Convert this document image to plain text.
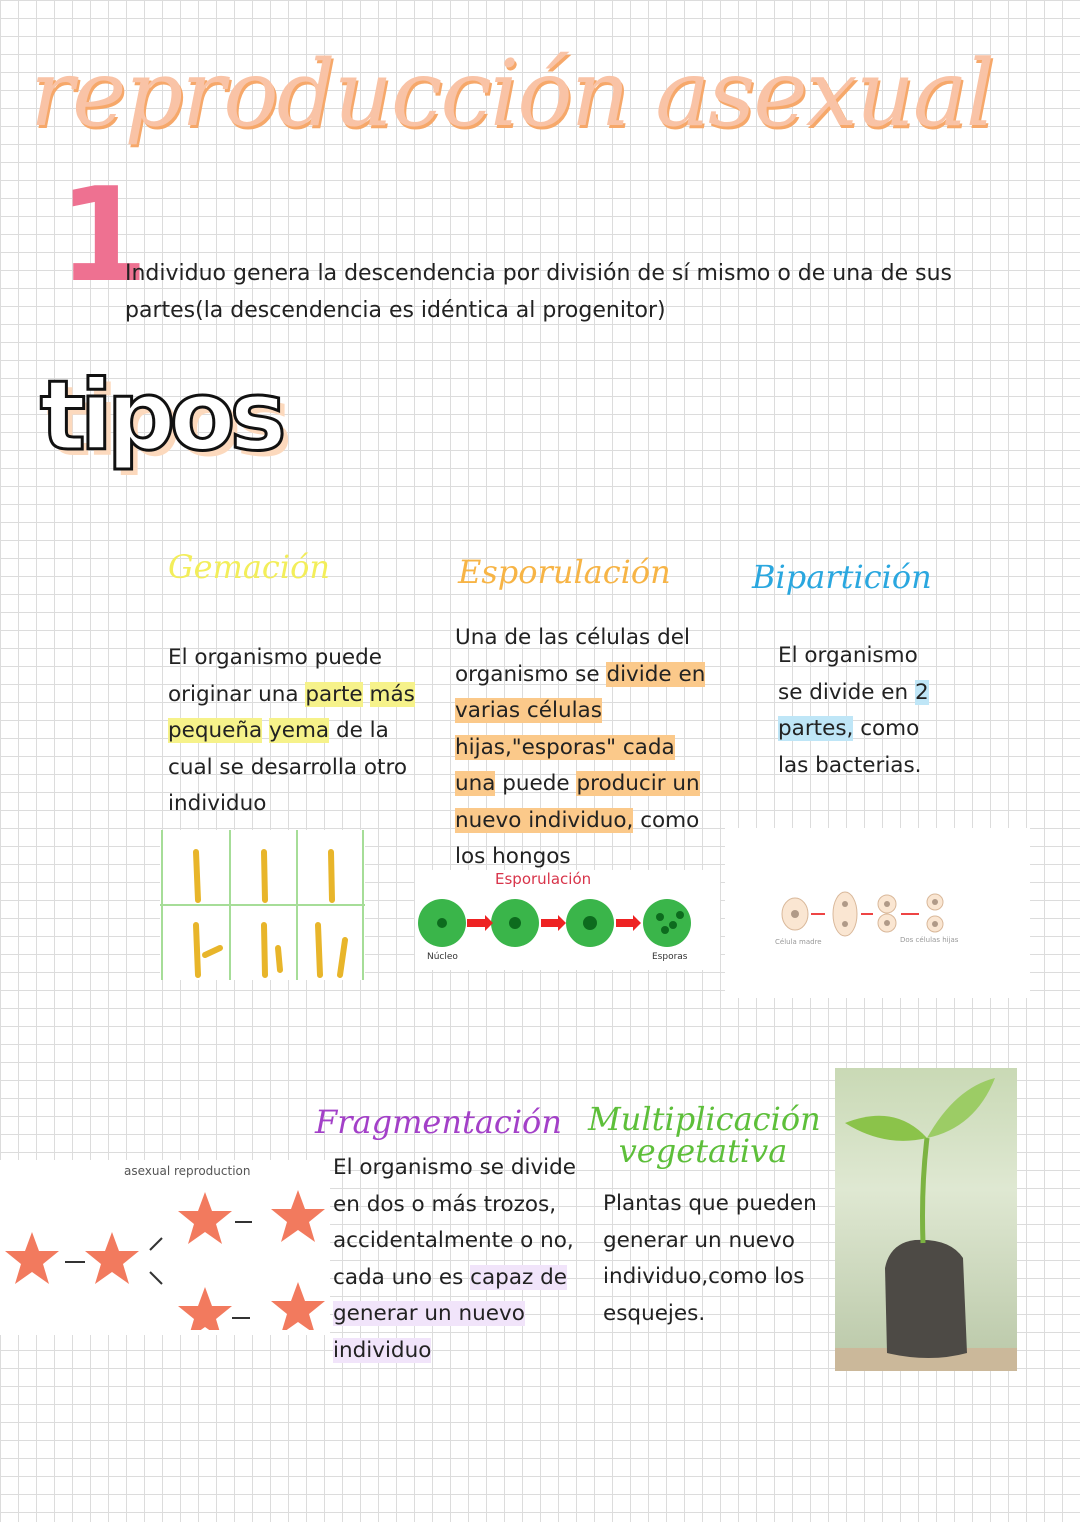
reproducción asexual
1
Individuo genera la descendencia por división de sí mismo o de una de sus partes(la descendencia es idéntica al progenitor)
tipos
Gemación
El organismo puede originar una parte más pequeña yema de la cual se desarrolla otro individuo
Esporulación
Una de las células del organismo se divide en varias células hijas,"esporas" cada una puede producir un nuevo individuo, como los hongos
Esporulación
Núcleo	Esporas
Bipartición
El organismo se divide en 2 partes, como las bacterias.
Célula madre	Dos células hijas
asexual reproduction
Fragmentación
El organismo se divide en dos o más trozos, accidentalmente o no, cada uno es capaz de generar un nuevo individuo
Multiplicación vegetativa
Plantas que pueden generar un nuevo individuo,como los esquejes.
